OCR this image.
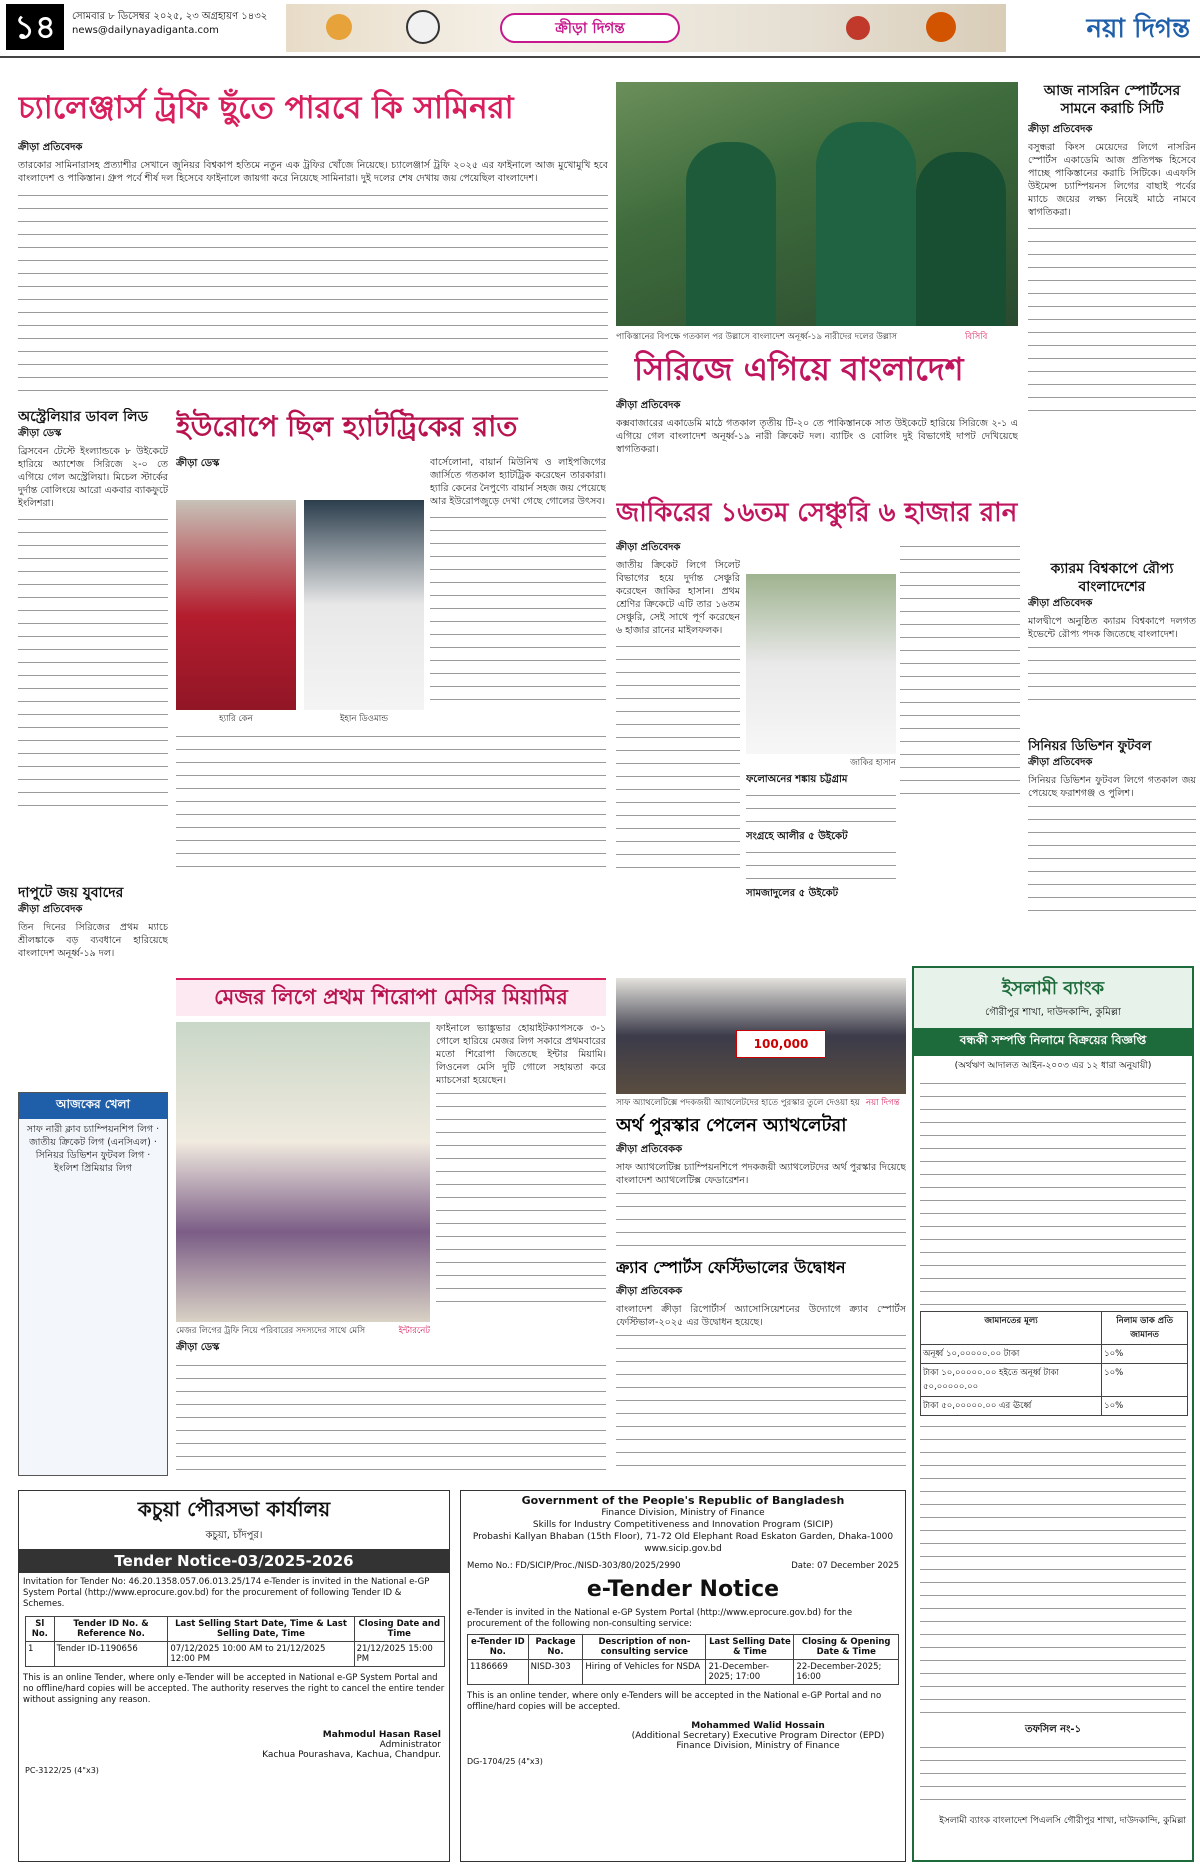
১৪	সোমবার ৮ ডিসেম্বর ২০২৫, ২৩ অগ্রহায়ণ ১৪৩২
news@dailynayadiganta.com	ক্রীড়া দিগন্ত	নয়া দিগন্ত
চ্যালেঞ্জার্স ট্রফি ছুঁতে পারবে কি সামিনরা
ক্রীড়া প্রতিবেদক
তারকোর সামিনারাসহ প্রত্যাশীর সেখানে জুনিয়র বিশ্বকাপ হতিমে নতুন এক ট্রফির খোঁজে নিয়েছে। চ্যালেঞ্জার্স ট্রফি ২০২৫ এর ফাইনালে আজ মুখোমুখি হবে বাংলাদেশ ও পাকিস্তান। গ্রুপ পর্বে শীর্ষ দল হিসেবে ফাইনালে জায়গা করে নিয়েছে সামিনারা। দুই দলের শেষ দেখায় জয় পেয়েছিল বাংলাদেশ।
পাকিস্তানের বিপক্ষে গতকাল পর উল্লাসে বাংলাদেশ অনূর্ধ্ব-১৯ নারীদের দলের উল্লাস	বিসিবি
আজ নাসরিন স্পোর্টসের সামনে করাচি সিটি
ক্রীড়া প্রতিবেদক
বসুন্ধরা কিংস মেয়েদের লিগে নাসরিন স্পোর্টস একাডেমি আজ প্রতিপক্ষ হিসেবে পাচ্ছে পাকিস্তানের করাচি সিটিকে। এএফসি উইমেন্স চ্যাম্পিয়নস লিগের বাছাই পর্বের ম্যাচে জয়ের লক্ষ্য নিয়েই মাঠে নামবে স্বাগতিকরা।
সিরিজে এগিয়ে বাংলাদেশ
ক্রীড়া প্রতিবেদক
কক্সবাজারের একাডেমি মাঠে গতকাল তৃতীয় টি-২০ তে পাকিস্তানকে সাত উইকেটে হারিয়ে সিরিজে ২-১ এ এগিয়ে গেল বাংলাদেশ অনূর্ধ্ব-১৯ নারী ক্রিকেট দল। ব্যাটিং ও বোলিং দুই বিভাগেই দাপট দেখিয়েছে স্বাগতিকরা।
অস্ট্রেলিয়ার ডাবল লিড
ক্রীড়া ডেস্ক
ব্রিসবেন টেস্টে ইংল্যান্ডকে ৮ উইকেটে হারিয়ে অ্যাশেজ সিরিজে ২-০ তে এগিয়ে গেল অস্ট্রেলিয়া। মিচেল স্টার্কের দুর্দান্ত বোলিংয়ে আরো একবার ব্যাকফুটে ইংলিশরা।
ইউরোপে ছিল হ্যাটট্রিকের রাত
ক্রীড়া ডেস্ক
হ্যারি কেন	ইহান ডিওমান্ড
বার্সেলোনা, বায়ার্ন মিউনিখ ও লাইপজিগের জার্সিতে গতকাল হ্যাটট্রিক করেছেন তারকারা। হ্যারি কেনের নৈপুণ্যে বায়ার্ন সহজ জয় পেয়েছে আর ইউরোপজুড়ে দেখা গেছে গোলের উৎসব। জাকিরের ১৬তম সেঞ্চুরি ৬ হাজার রান
ক্রীড়া প্রতিবেদক
জাতীয় ক্রিকেট লিগে সিলেট বিভাগের হয়ে দুর্দান্ত সেঞ্চুরি করেছেন জাকির হাসান। প্রথম শ্রেণির ক্রিকেটে এটি তার ১৬তম সেঞ্চুরি, সেই সাথে পূর্ণ করেছেন ৬ হাজার রানের মাইলফলক।
জাকির হাসান
ফলোঅনের শঙ্কায় চট্টগ্রাম
সংগ্রহে আলীর ৫ উইকেট
সামজাদুলের ৫ উইকেট
ক্যারম বিশ্বকাপে রৌপ্য বাংলাদেশের
ক্রীড়া প্রতিবেদক
মালদ্বীপে অনুষ্ঠিত ক্যারম বিশ্বকাপে দলগত ইভেন্টে রৌপ্য পদক জিতেছে বাংলাদেশ।
সিনিয়র ডিভিশন ফুটবল
ক্রীড়া প্রতিবেদক
সিনিয়র ডিভিশন ফুটবল লিগে গতকাল জয় পেয়েছে ফরাশগঞ্জ ও পুলিশ।
দাপুটে জয় যুবাদের
ক্রীড়া প্রতিবেদক
তিন দিনের সিরিজের প্রথম ম্যাচে শ্রীলঙ্কাকে বড় ব্যবধানে হারিয়েছে বাংলাদেশ অনূর্ধ্ব-১৯ দল।
আজকের খেলা
সাফ নারী ক্লাব চ্যাম্পিয়নশিপ লিগ · জাতীয় ক্রিকেট লিগ (এনসিএল) · সিনিয়র ডিভিশন ফুটবল লিগ · ইংলিশ প্রিমিয়ার লিগ
মেজর লিগে প্রথম শিরোপা মেসির মিয়ামির
মেজর লিগের ট্রফি নিয়ে পরিবারের সদস্যদের সাথে মেসি	ইন্টারনেট
ফাইনালে ভ্যাঙ্কুভার হোয়াইটক্যাপসকে ৩-১ গোলে হারিয়ে মেজর লিগ সকারে প্রথমবারের মতো শিরোপা জিতেছে ইন্টার মিয়ামি। লিওনেল মেসি দুটি গোলে সহায়তা করে ম্যাচসেরা হয়েছেন।
ক্রীড়া ডেস্ক
100,000
সাফ অ্যাথলেটিক্সে পদকজয়ী অ্যাথলেটদের হাতে পুরস্কার তুলে দেওয়া হয় নয়া দিগন্ত
অর্থ পুরস্কার পেলেন অ্যাথলেটরা
ক্রীড়া প্রতিবেকক
সাফ অ্যাথলেটিক্স চ্যাম্পিয়নশিপে পদকজয়ী অ্যাথলেটদের অর্থ পুরস্কার দিয়েছে বাংলাদেশ অ্যাথলেটিক্স ফেডারেশন।
ক্র্যাব স্পোর্টস ফেস্টিভালের উদ্বোধন
ক্রীড়া প্রতিবেকক
বাংলাদেশ ক্রীড়া রিপোর্টার্স অ্যাসোসিয়েশনের উদ্যোগে ক্র্যাব স্পোর্টস ফেস্টিভাল-২০২৫ এর উদ্বোধন হয়েছে।
ইসলামী ব্যাংক
গৌরীপুর শাখা, দাউদকান্দি, কুমিল্লা
বন্ধকী সম্পত্তি নিলামে বিক্রয়ের বিজ্ঞপ্তি
(অর্থঋণ আদালত আইন-২০০৩ এর ১২ ধারা অনুযায়ী)
জামানতের মূল্য	নিলাম ডাক প্রতি জামানত
অনূর্ধ্ব ১০,০০০০০.০০ টাকা	১০%
টাকা ১০,০০০০০.০০ হইতে অনূর্ধ্ব টাকা ৫০,০০০০০.০০	১০%
টাকা ৫০,০০০০০.০০ এর ঊর্ধ্বে	১০%
তফসিল নং-১
ইসলামী ব্যাংক বাংলাদেশ পিএলসি গৌরীপুর শাখা, দাউদকান্দি, কুমিল্লা
কচুয়া পৌরসভা কার্যালয়
কচুয়া, চাঁদপুর।
Tender Notice-03/2025-2026
Invitation for Tender No: 46.20.1358.057.06.013.25/174 e-Tender is invited in the National e-GP System Portal (http://www.eprocure.gov.bd) for the procurement of following Tender ID & Schemes.
Sl No.	Tender ID No. & Reference No.	Last Selling Start Date, Time & Last Selling Date, Time	Closing Date and Time
1	Tender ID-1190656	07/12/2025 10:00 AM to 21/12/2025 12:00 PM	21/12/2025 15:00 PM
This is an online Tender, where only e-Tender will be accepted in National e-GP System Portal and no offline/hard copies will be accepted. The authority reserves the right to cancel the entire tender without assigning any reason.
Mahmodul Hasan Rasel
Administrator
Kachua Pourashava, Kachua, Chandpur.
PC-3122/25 (4"x3)
Government of the People's Republic of Bangladesh
Finance Division, Ministry of Finance
Skills for Industry Competitiveness and Innovation Program (SICIP)
Probashi Kallyan Bhaban (15th Floor), 71-72 Old Elephant Road Eskaton Garden, Dhaka-1000
www.sicip.gov.bd
Memo No.: FD/SICIP/Proc./NISD-303/80/2025/2990	Date: 07 December 2025
e-Tender Notice
e-Tender is invited in the National e-GP System Portal (http://www.eprocure.gov.bd) for the procurement of the following non-consulting service:
e-Tender ID No.	Package No.	Description of non-consulting service	Last Selling Date & Time	Closing & Opening Date & Time
1186669	NISD-303	Hiring of Vehicles for NSDA	21-December-2025; 17:00	22-December-2025; 16:00
This is an online tender, where only e-Tenders will be accepted in the National e-GP Portal and no offline/hard copies will be accepted.
Mohammed Walid Hossain
(Additional Secretary) Executive Program Director (EPD) Finance Division, Ministry of Finance
DG-1704/25 (4"x3)
